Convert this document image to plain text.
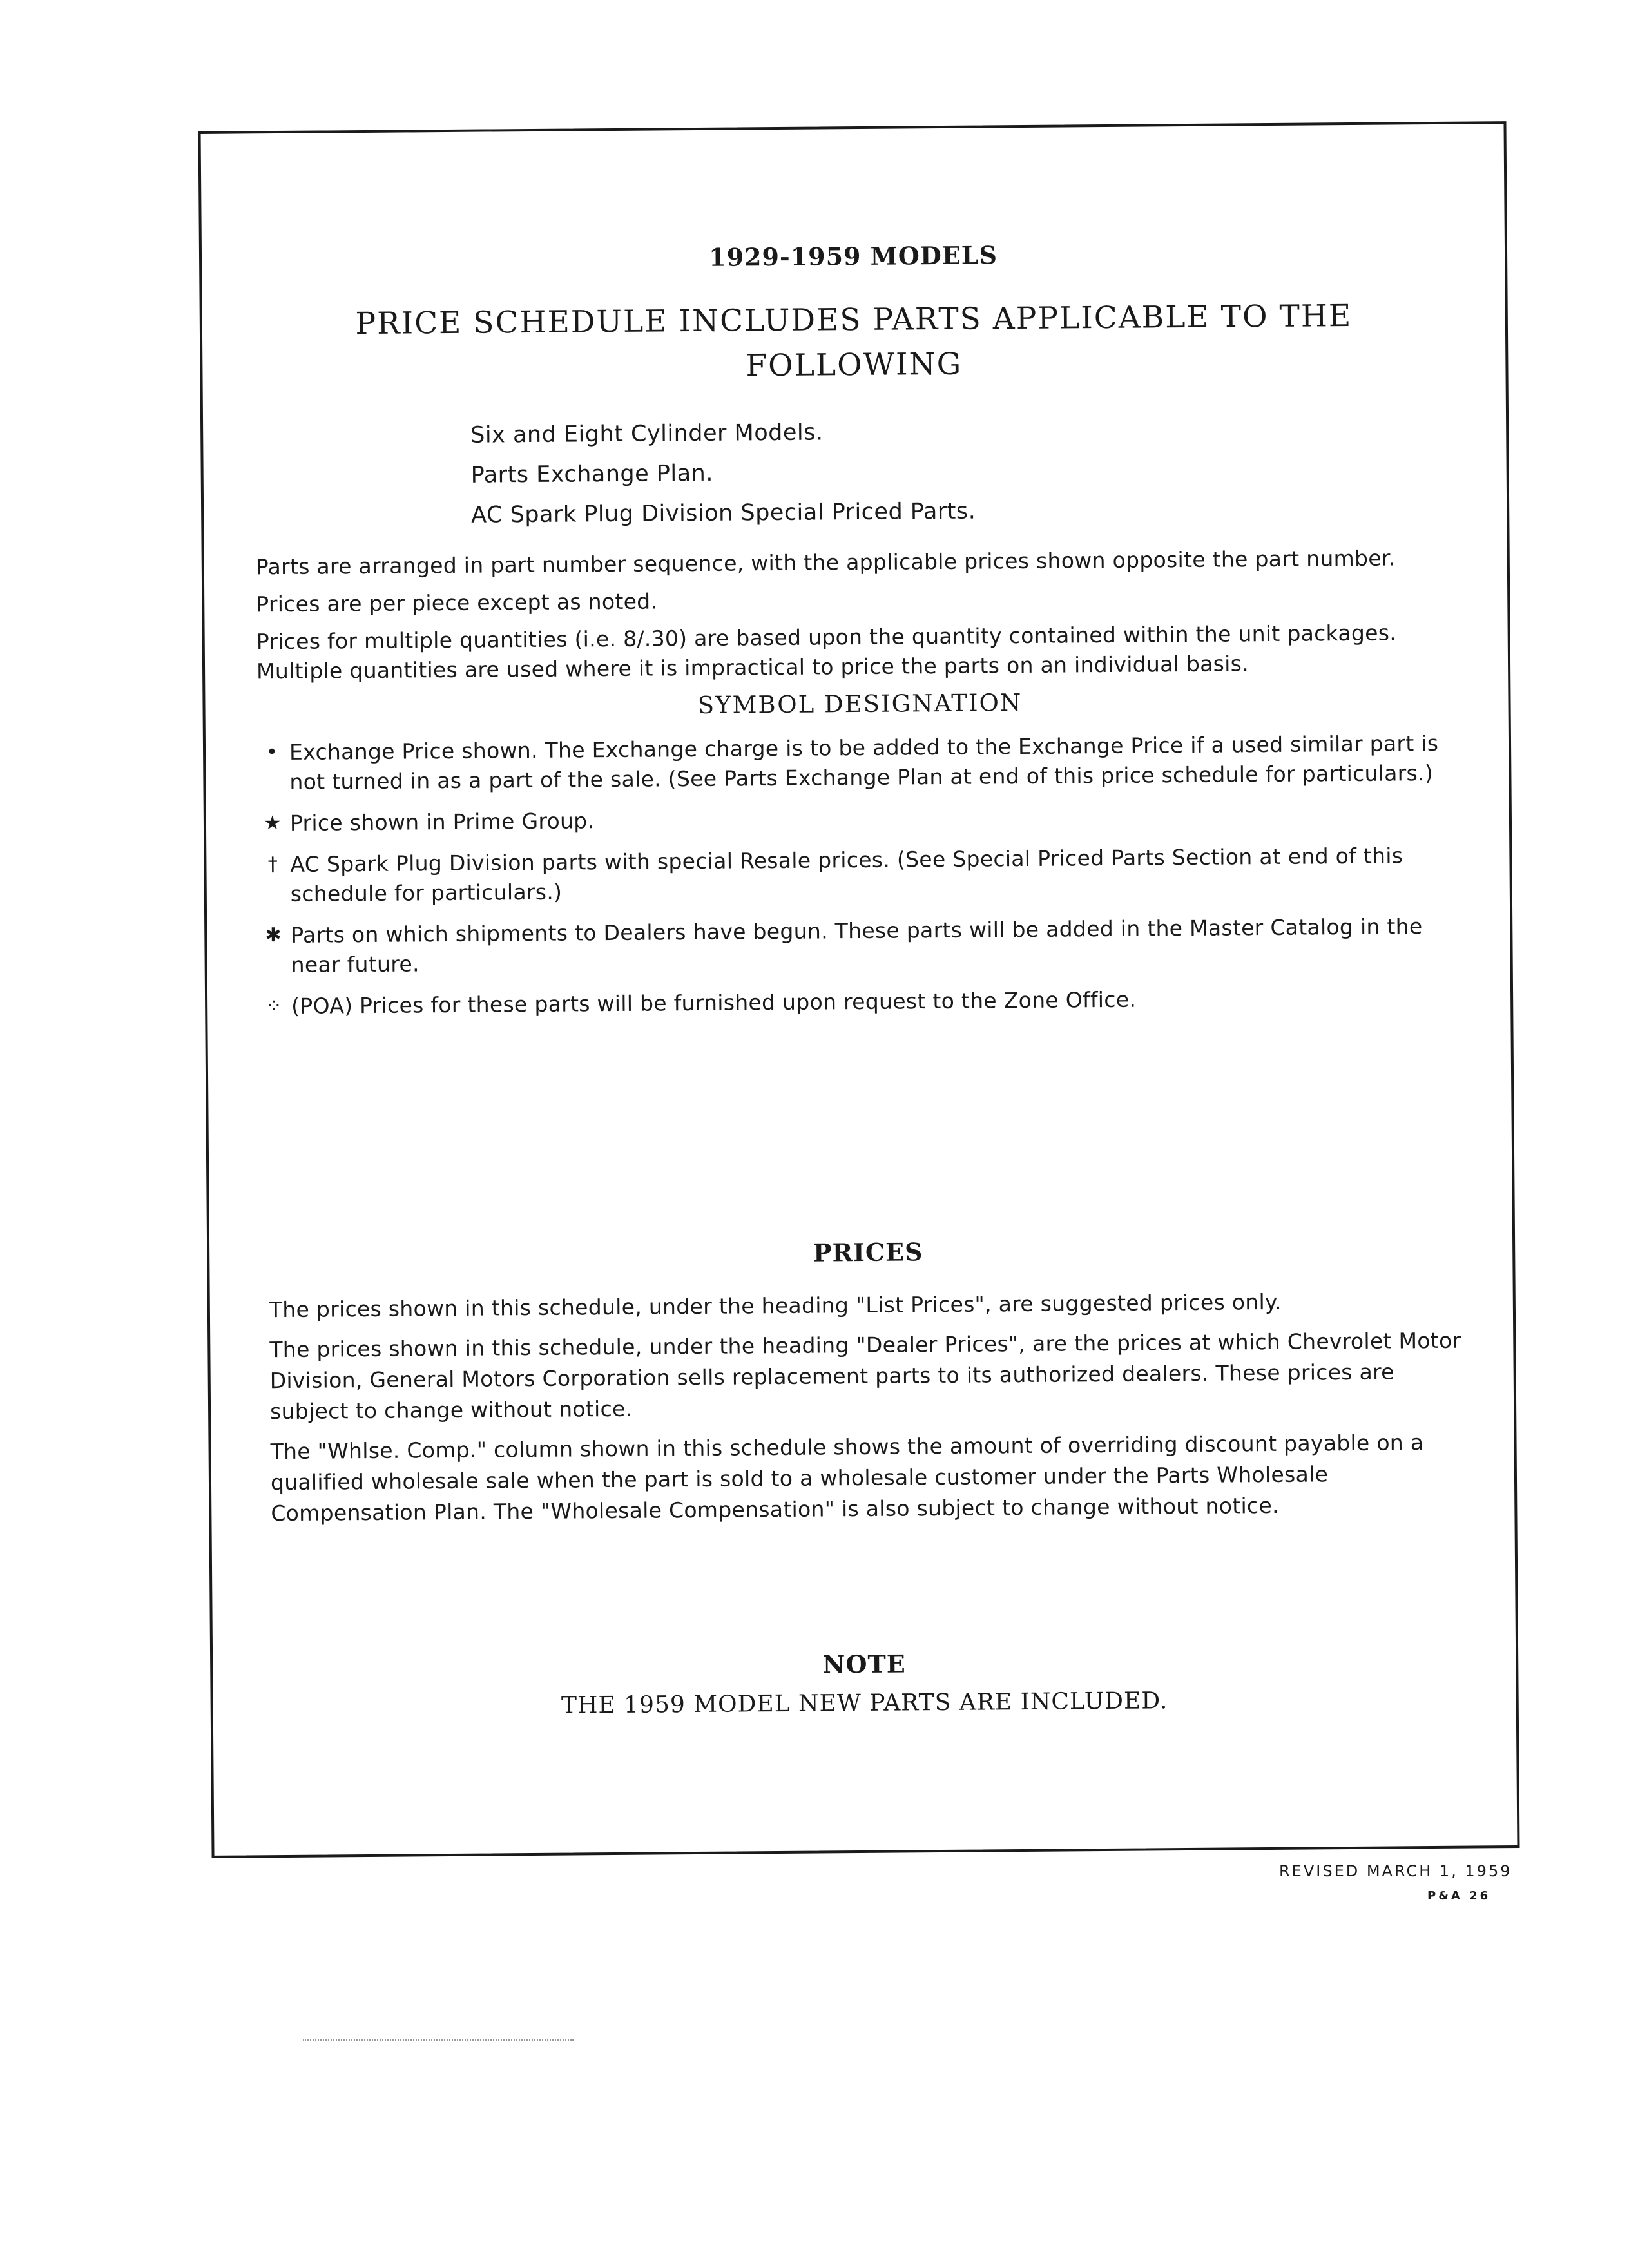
1929-1959 MODELS
PRICE SCHEDULE INCLUDES PARTS APPLICABLE TO THE FOLLOWING
Six and Eight Cylinder Models.
Parts Exchange Plan.
AC Spark Plug Division Special Priced Parts.

Parts are arranged in part number sequence, with the applicable prices shown opposite the part number.

Prices are per piece except as noted.

Prices for multiple quantities (i.e. 8/.30) are based upon the quantity contained within the unit packages. Multiple quantities are used where it is impractical to price the parts on an individual basis.

SYMBOL DESIGNATION
• Exchange Price shown. The Exchange charge is to be added to the Exchange Price if a used similar part is not turned in as a part of the sale. (See Parts Exchange Plan at end of this price schedule for particulars.)
★ Price shown in Prime Group.
† AC Spark Plug Division parts with special Resale prices. (See Special Priced Parts Section at end of this schedule for particulars.)
✱ Parts on which shipments to Dealers have begun. These parts will be added in the Master Catalog in the near future.
⁘ (POA) Prices for these parts will be furnished upon request to the Zone Office.
PRICES

The prices shown in this schedule, under the heading "List Prices", are suggested prices only.

The prices shown in this schedule, under the heading "Dealer Prices", are the prices at which Chevrolet Motor Division, General Motors Corporation sells replacement parts to its authorized dealers. These prices are subject to change without notice.

The "Whlse. Comp." column shown in this schedule shows the amount of overriding discount payable on a qualified wholesale sale when the part is sold to a wholesale customer under the Parts Wholesale Compensation Plan. The "Wholesale Compensation" is also subject to change without notice.

NOTE
THE 1959 MODEL NEW PARTS ARE INCLUDED.
REVISED MARCH 1, 1959
P&A 26
